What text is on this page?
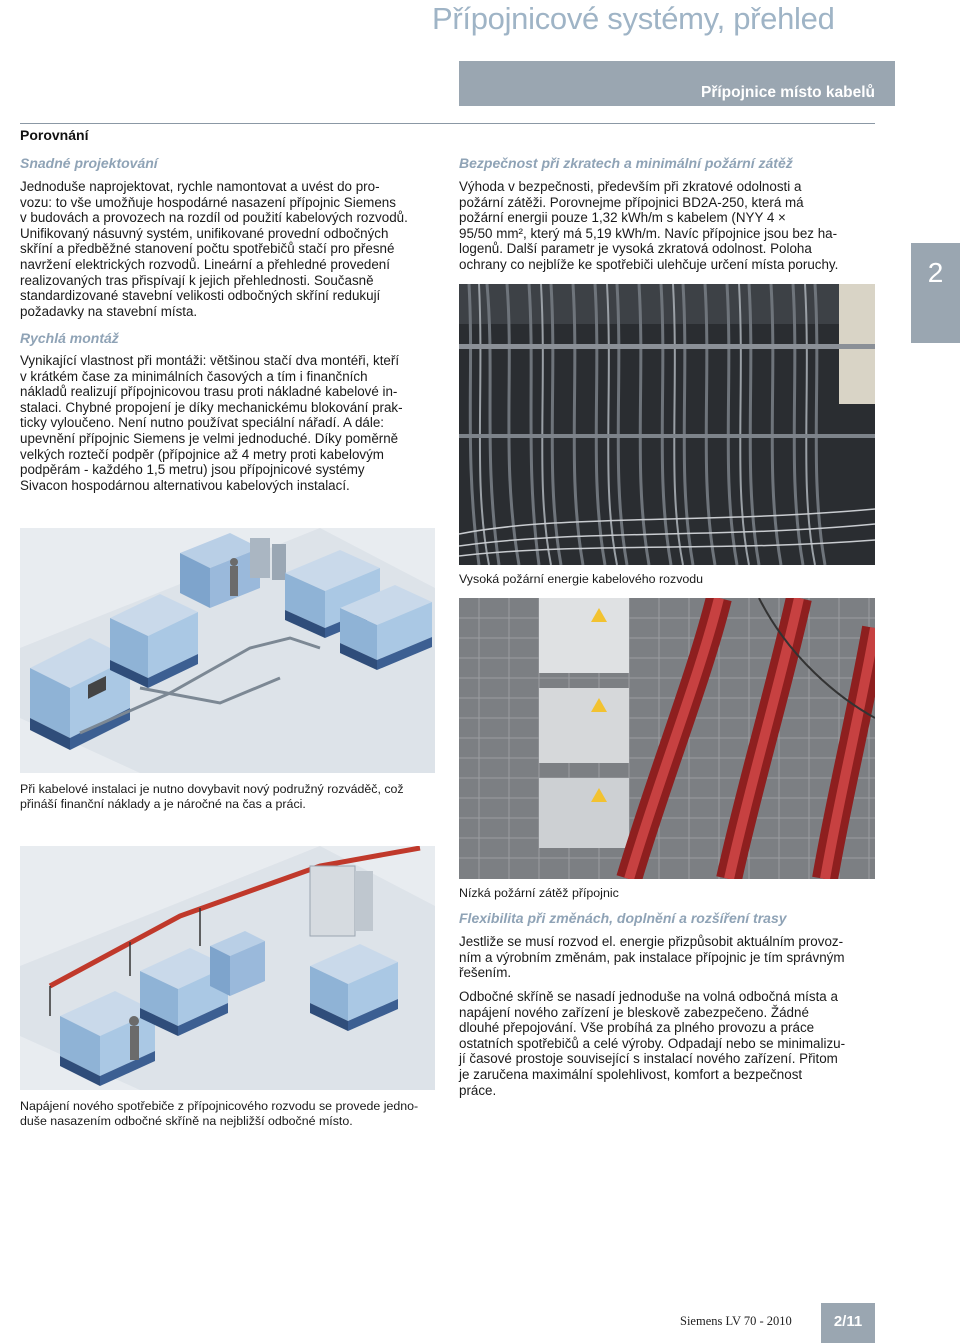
Přípojnicové systémy, přehled
Přípojnice místo kabelů
2
Porovnání
Snadné projektování
Jednoduše naprojektovat, rychle namontovat a uvést do pro-
vozu: to vše umožňuje hospodárné nasazení přípojnic Siemens
v budovách a provozech na rozdíl od použití kabelových rozvodů.
Unifikovaný násuvný systém, unifikované provední odbočných
skříní a předběžné stanovení počtu spotřebičů stačí pro přesné
navržení elektrických rozvodů. Lineární a přehledné provedení
realizovaných tras přispívají k jejich přehlednosti. Současně
standardizované stavební velikosti odbočných skříní redukují
požadavky na stavební místa.
Rychlá montáž
Vynikající vlastnost při montáži: většinou stačí dva montéři, kteří
v krátkém čase za minimálních časových a tím i finančních
nákladů realizují přípojnicovou trasu proti nákladné kabelové in-
stalaci. Chybné propojení je díky mechanickému blokování prak-
ticky vyloučeno. Není nutno používat speciální nářadí. A dále:
upevnění přípojnic Siemens je velmi jednoduché. Díky poměrně
velkých roztečí podpěr (přípojnice až 4 metry proti kabelovým
podpěrám - každého 1,5 metru) jsou přípojnicové systémy
Sivacon hospodárnou alternativou kabelových instalací.
Při kabelové instalaci je nutno dovybavit nový podružný rozváděč, což
přináší finanční náklady a je náročné na čas a práci.
Napájení nového spotřebiče z přípojnicového rozvodu se provede jedno-
duše nasazením odbočné skříně na nejbližší odbočné místo.
Bezpečnost při zkratech a minimální požární zátěž
Výhoda v bezpečnosti, především při zkratové odolnosti a
požární zátěži. Porovnejme přípojnici BD2A-250, která má
požární energii pouze 1,32 kWh/m s kabelem (NYY 4 ×
95/50 mm², který má 5,19 kWh/m. Navíc přípojnice jsou bez ha-
logenů. Další parametr je vysoká zkratová odolnost. Poloha
ochrany co nejblíže ke spotřebiči ulehčuje určení místa poruchy.
Vysoká požární energie kabelového rozvodu
Nízká požární zátěž přípojnic
Flexibilita při změnách, doplnění a rozšíření trasy
Jestliže se musí rozvod el. energie přizpůsobit aktuálním provoz-
ním a výrobním změnám, pak instalace přípojnic je tím správným
řešením.
Odbočné skříně se nasadí jednoduše na volná odbočná místa a
napájení nového zařízení je bleskově zabezpečeno. Žádné
dlouhé přepojování. Vše probíhá za plného provozu a práce
ostatních spotřebičů a celé výroby. Odpadají nebo se minimalizu-
jí časové prostoje související s instalací nového zařízení. Přitom
je zaručena maximální spolehlivost, komfort a bezpečnost
práce.
Siemens LV 70 - 2010	2/11
